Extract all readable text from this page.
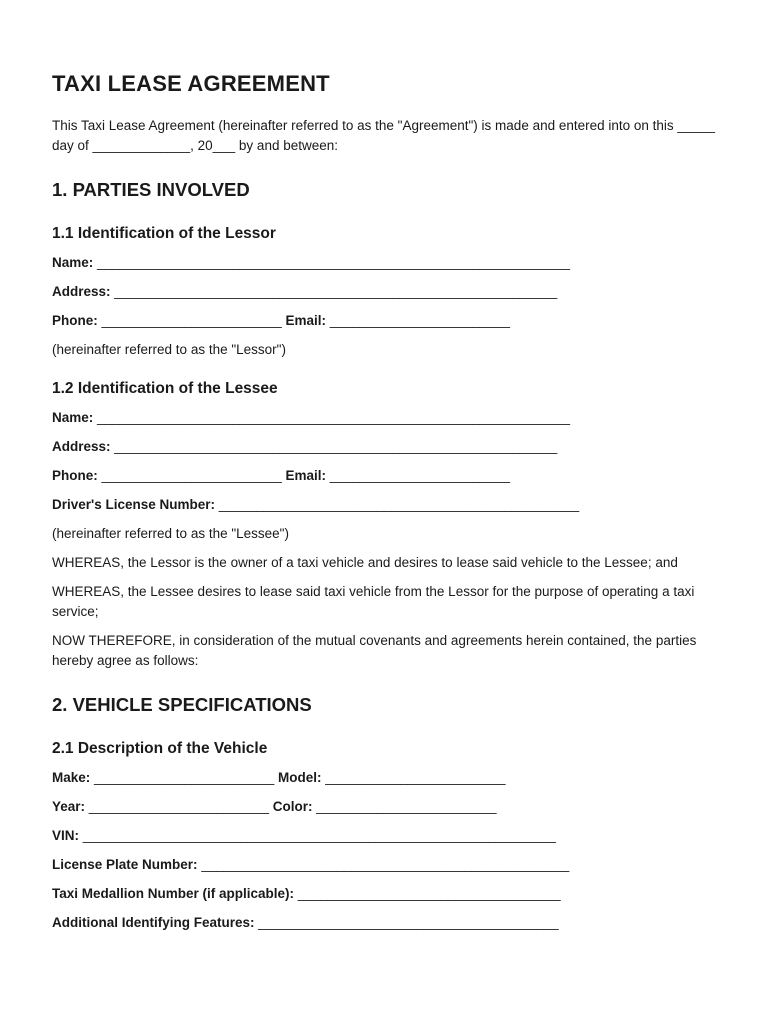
TAXI LEASE AGREEMENT

This Taxi Lease Agreement (hereinafter referred to as the "Agreement") is made and entered into on this _____ day of _____________, 20___ by and between:

1. PARTIES INVOLVED
1.1 Identification of the Lessor
Name: _______________________________________________________________
Address: ___________________________________________________________
Phone: ________________________ Email: ________________________

(hereinafter referred to as the "Lessor")

1.2 Identification of the Lessee
Name: _______________________________________________________________
Address: ___________________________________________________________
Phone: ________________________ Email: ________________________
Driver's License Number: ________________________________________________

(hereinafter referred to as the "Lessee")

WHEREAS, the Lessor is the owner of a taxi vehicle and desires to lease said vehicle to the Lessee; and

WHEREAS, the Lessee desires to lease said taxi vehicle from the Lessor for the purpose of operating a taxi service;

NOW THEREFORE, in consideration of the mutual covenants and agreements herein contained, the parties hereby agree as follows:

2. VEHICLE SPECIFICATIONS
2.1 Description of the Vehicle
Make: ________________________ Model: ________________________
Year: ________________________ Color: ________________________
VIN: _______________________________________________________________
License Plate Number: _________________________________________________
Taxi Medallion Number (if applicable): ___________________________________
Additional Identifying Features: ________________________________________
